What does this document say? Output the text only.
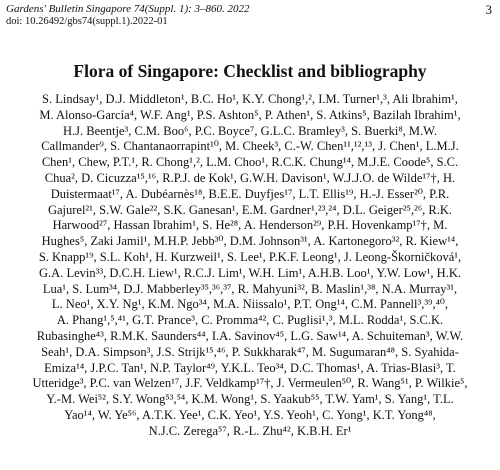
Gardens' Bulletin Singapore 74(Suppl. 1): 3–860. 2022
doi: 10.26492/gbs74(suppl.1).2022-01
3
Flora of Singapore: Checklist and bibliography
S. Lindsay¹, D.J. Middleton¹, B.C. Ho¹, K.Y. Chong¹,², I.M. Turner¹,³, Ali Ibrahim¹,
M. Alonso-García⁴, W.F. Ang¹, P.S. Ashton⁵, P. Athen¹, S. Atkins⁵, Bazilah Ibrahim¹,
H.J. Beentje³, C.M. Boo⁶, P.C. Boyce⁷, G.L.C. Bramley³, S. Buerki⁸, M.W.
Callmander⁹, S. Chantanaorrapint¹⁰, M. Cheek³, C.-W. Chen¹¹,¹²,¹³, J. Chen¹, L.M.J.
Chen¹, Chew, P.T.¹, R. Chong¹,², L.M. Choo¹, R.C.K. Chung¹⁴, M.J.E. Coode⁵, S.C.
Chua², D. Cicuzza¹⁵,¹⁶, R.P.J. de Kok¹, G.W.H. Davison¹, W.J.J.O. de Wilde¹⁷†, H.
Duistermaat¹⁷, A. Dubéarnès¹⁸, B.E.E. Duyfjes¹⁷, L.T. Ellis¹⁹, H.-J. Esser²⁰, P.R.
Gajurel²¹, S.W. Gale²², S.K. Ganesan¹, E.M. Gardner¹,²³,²⁴, D.L. Geiger²⁵,²⁶, R.K.
Harwood²⁷, Hassan Ibrahim¹, S. He²⁸, A. Henderson²⁹, P.H. Hovenkamp¹⁷†, M.
Hughes⁵, Zaki Jamil¹, M.H.P. Jebb³⁰, D.M. Johnson³¹, A. Kartonegoro³², R. Kiew¹⁴,
S. Knapp¹⁹, S.L. Koh¹, H. Kurzweil¹, S. Lee¹, P.K.F. Leong¹, J. Leong-Škorničková¹,
G.A. Levin³³, D.C.H. Liew¹, R.C.J. Lim¹, W.H. Lim¹, A.H.B. Loo¹, Y.W. Low¹, H.K.
Lua¹, S. Lum³⁴, D.J. Mabberley³⁵,³⁶,³⁷, R. Mahyuni³², B. Maslin¹,³⁸, N.A. Murray³¹,
L. Neo¹, X.Y. Ng¹, K.M. Ngo³⁴, M.A. Niissalo¹, P.T. Ong¹⁴, C.M. Pannell³,³⁹,⁴⁰,
A. Phang¹,⁵,⁴¹, G.T. Prance³, C. Promma⁴², C. Puglisi¹,³, M.L. Rodda¹, S.C.K.
Rubasinghe⁴³, R.M.K. Saunders⁴⁴, I.A. Savinov⁴⁵, L.G. Saw¹⁴, A. Schuiteman³, W.W.
Seah¹, D.A. Simpson³, J.S. Strijk¹⁵,⁴⁶, P. Sukkharak⁴⁷, M. Sugumaran⁴⁸, S. Syahida-
Emiza¹⁴, J.P.C. Tan¹, N.P. Taylor⁴⁹, Y.K.L. Teo³⁴, D.C. Thomas¹, A. Trias-Blasi³, T.
Utteridge³, P.C. van Welzen¹⁷, J.F. Veldkamp¹⁷†, J. Vermeulen⁵⁰, R. Wang⁵¹, P. Wilkie⁵,
Y.-M. Wei⁵², S.Y. Wong⁵³,⁵⁴, K.M. Wong¹, S. Yaakub⁵⁵, T.W. Yam¹, S. Yang¹, T.L.
Yao¹⁴, W. Ye⁵⁶, A.T.K. Yee¹, C.K. Yeo¹, Y.S. Yeoh¹, C. Yong¹, K.T. Yong⁴⁸,
N.J.C. Zerega⁵⁷, R.-L. Zhu⁴², K.B.H. Er¹
